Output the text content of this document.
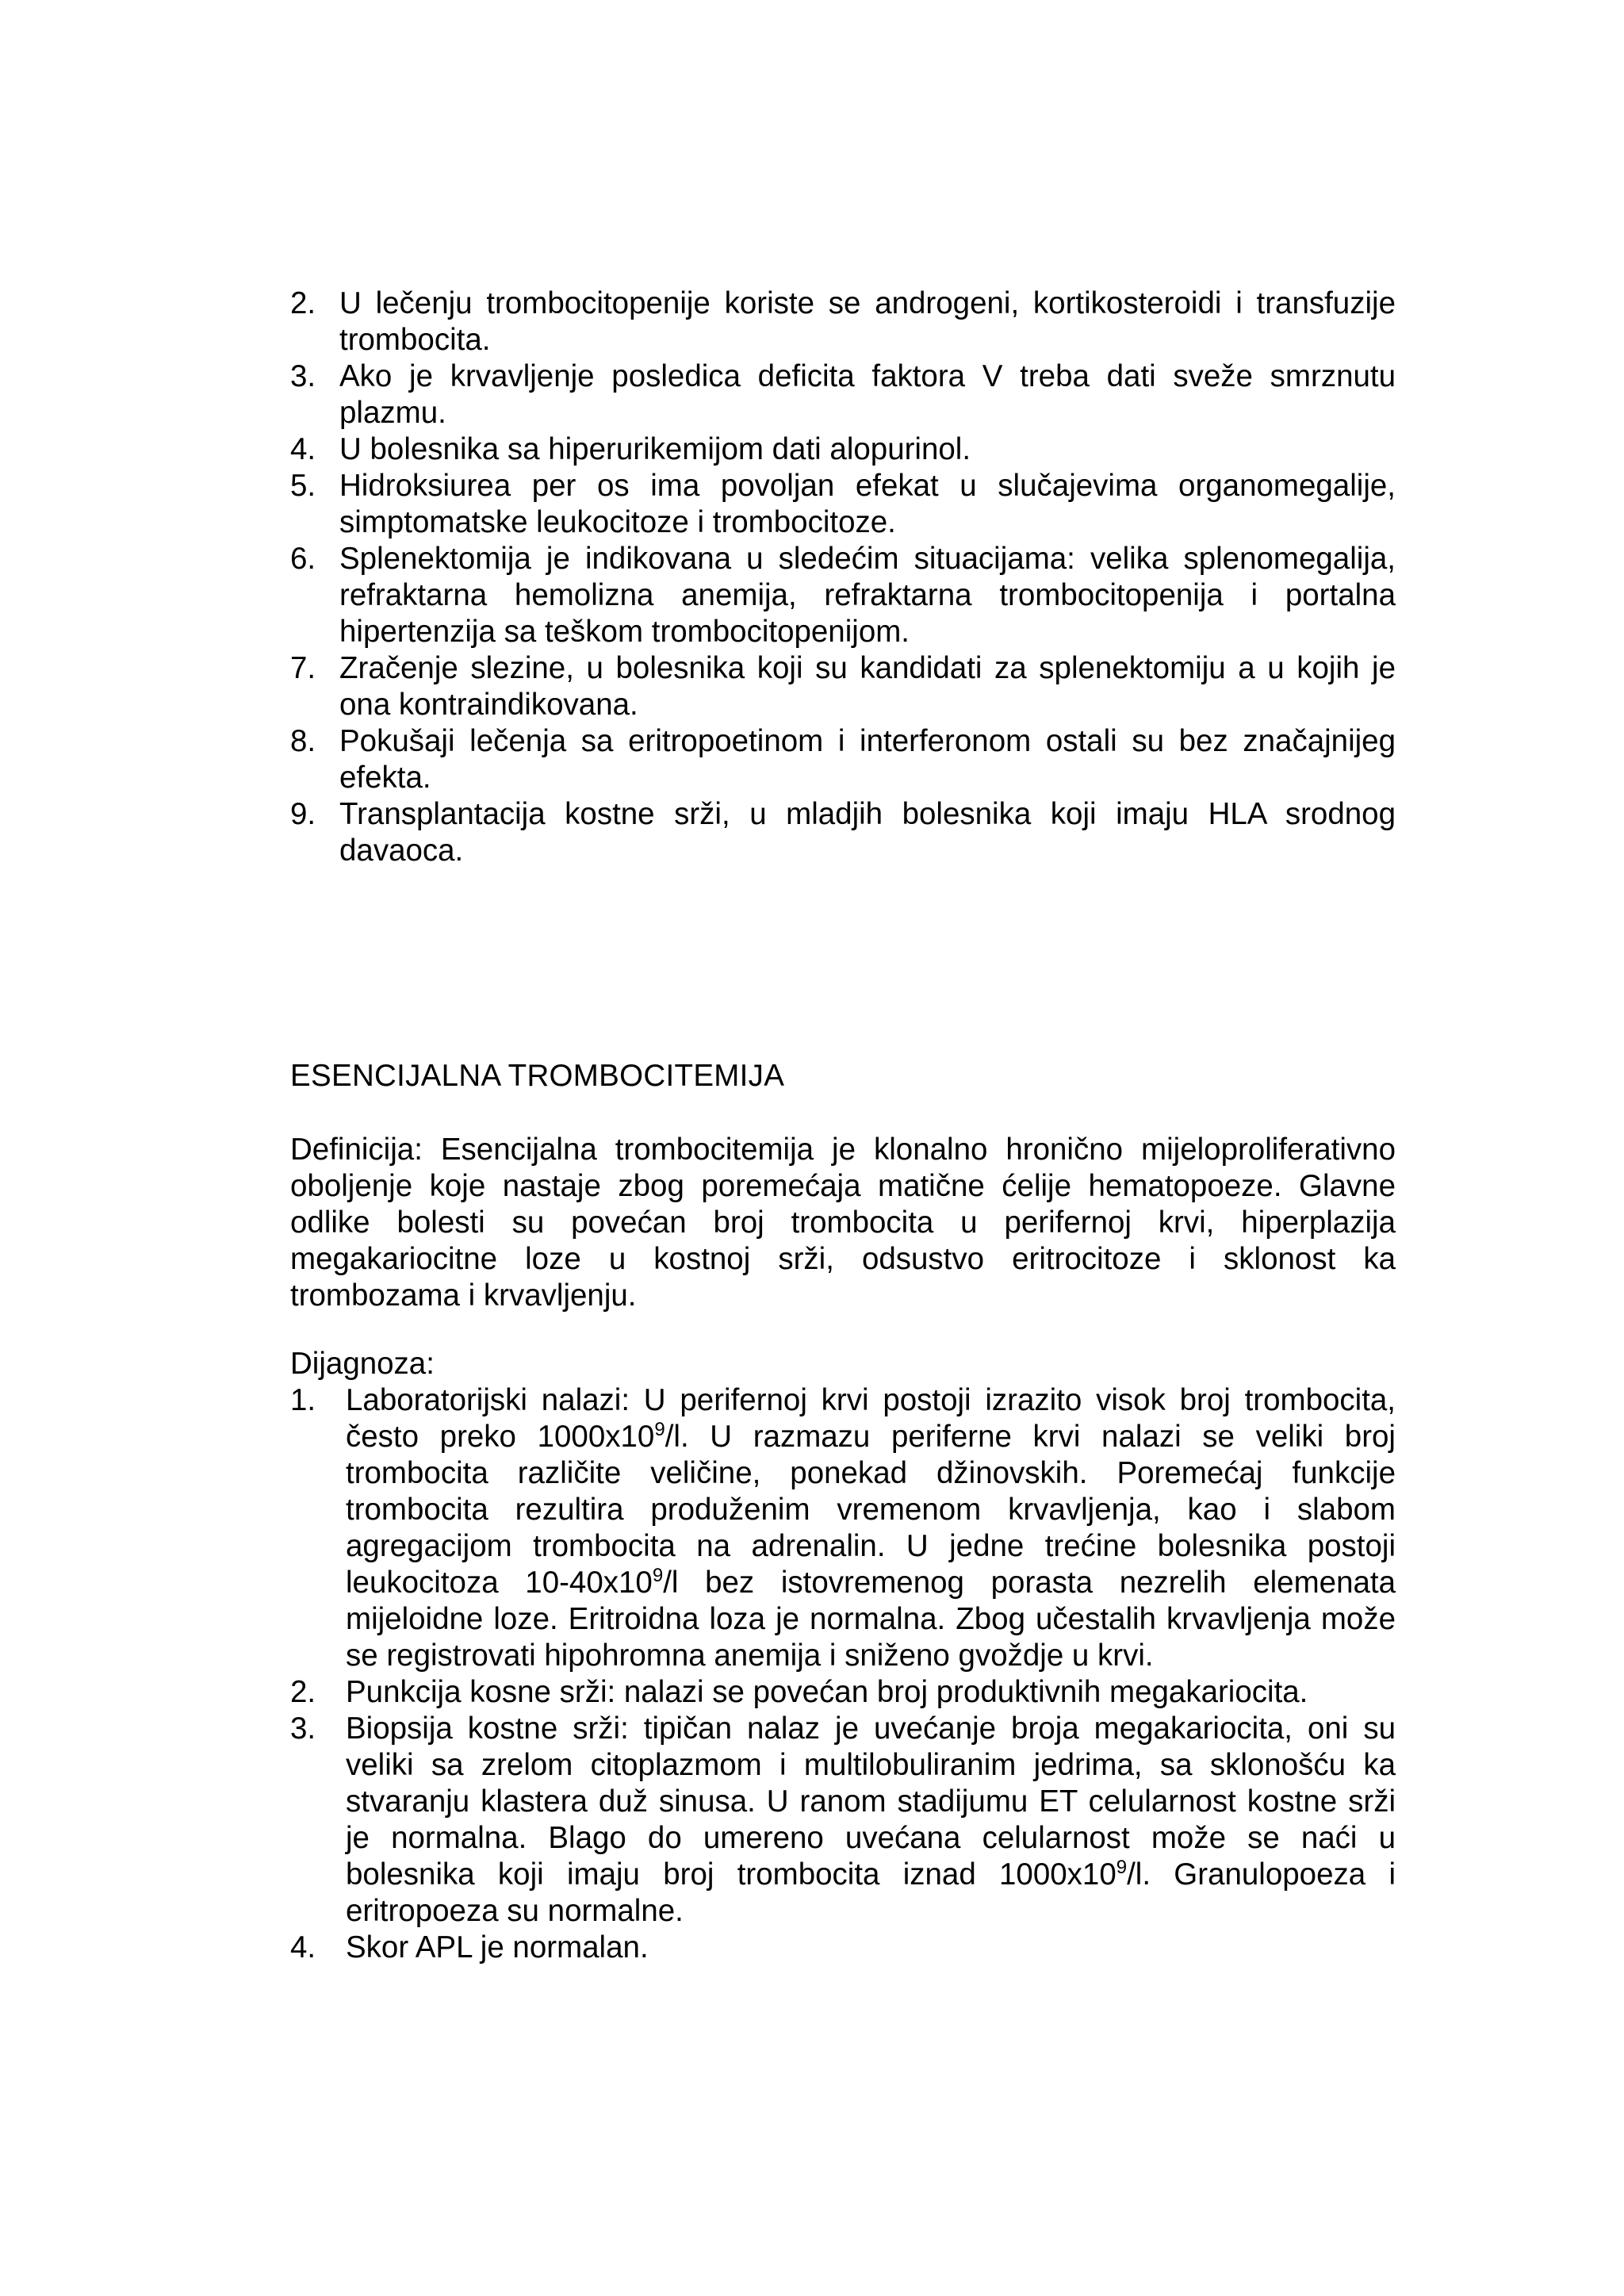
2. U lečenju trombocitopenije koriste se androgeni, kortikosteroidi i transfuzije trombocita.
3. Ako je krvavljenje posledica deficita faktora V treba dati sveže smrznutu plazmu.
4. U bolesnika sa hiperurikemijom dati alopurinol.
5. Hidroksiurea per os ima povoljan efekat u slučajevima organomegalije, simptomatske leukocitoze i trombocitoze.
6. Splenektomija je indikovana u sledećim situacijama: velika splenomegalija, refraktarna hemolizna anemija, refraktarna trombocitopenija i portalna hipertenzija sa teškom trombocitopenijom.
7. Zračenje slezine, u bolesnika koji su kandidati za splenektomiju a u kojih je ona kontraindikovana.
8. Pokušaji lečenja sa eritropoetinom i interferonom ostali su bez značajnijeg efekta.
9. Transplantacija kostne srži, u mladjih bolesnika koji imaju HLA srodnog davaoca.
ESENCIJALNA TROMBOCITEMIJA

Definicija: Esencijalna trombocitemija je klonalno hronično mijeloproliferativno oboljenje koje nastaje zbog poremećaja matične ćelije hematopoeze. Glavne odlike bolesti su povećan broj trombocita u perifernoj krvi, hiperplazija megakariocitne loze u kostnoj srži, odsustvo eritrocitoze i sklonost ka trombozama i krvavljenju.

Dijagnoza:

1. Laboratorijski nalazi: U perifernoj krvi postoji izrazito visok broj trombocita, često preko $1000x10^9/l$. U razmazu periferne krvi nalazi se veliki broj trombocita različite veličine, ponekad džinovskih. Poremećaj funkcije trombocita rezultira produženim vremenom krvavljenja, kao i slabom agregacijom trombocita na adrenalin. U jedne trećine bolesnika postoji leukocitoza $10-40x10^9/l$ bez istovremenog porasta nezrelih elemenata mijeloidne loze. Eritroidna loza je normalna. Zbog učestalih krvavljenja može se registrovati hipohromna anemija i sniženo gvoždje u krvi.
2. Punkcija kosne srži: nalazi se povećan broj produktivnih megakariocita.
3. Biopsija kostne srži: tipičan nalaz je uvećanje broja megakariocita, oni su veliki sa zrelom citoplazmom i multilobuliranim jedrima, sa sklonošću ka stvaranju klastera duž sinusa. U ranom stadijumu ET celularnost kostne srži je normalna. Blago do umereno uvećana celularnost može se naći u bolesnika koji imaju broj trombocita iznad $1000x10^9/l$. Granulopoeza i eritropoeza su normalne.
4. Skor APL je normalan.
